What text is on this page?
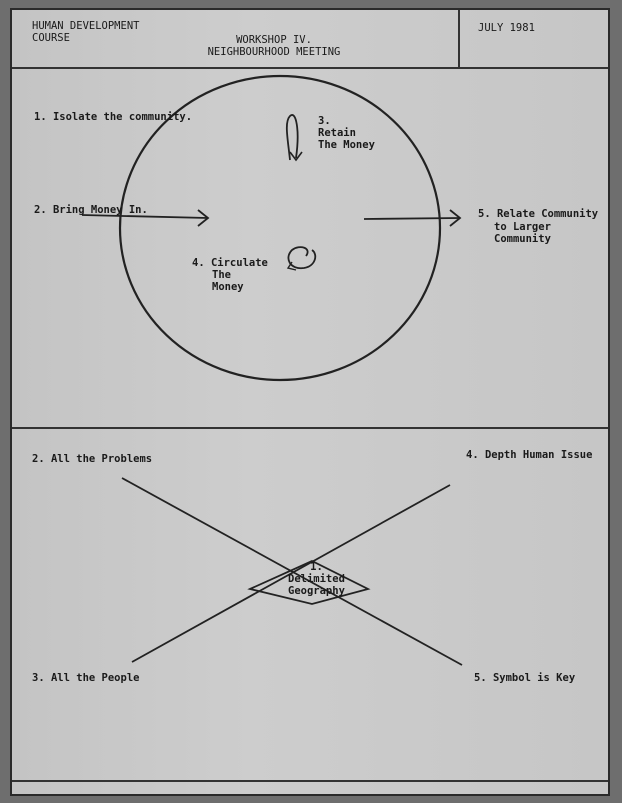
HUMAN DEVELOPMENT
COURSE	WORKSHOP IV.
NEIGHBOURHOOD MEETING
JULY 1981
1. Isolate the community.
2. Bring Money In.
3.
Retain
The Money
4. Circulate
The
Money
5. Relate Community
to Larger
Community
2. All the Problems	4. Depth Human Issue
1.
Delimited
Geography
3. All the People	5. Symbol is Key
